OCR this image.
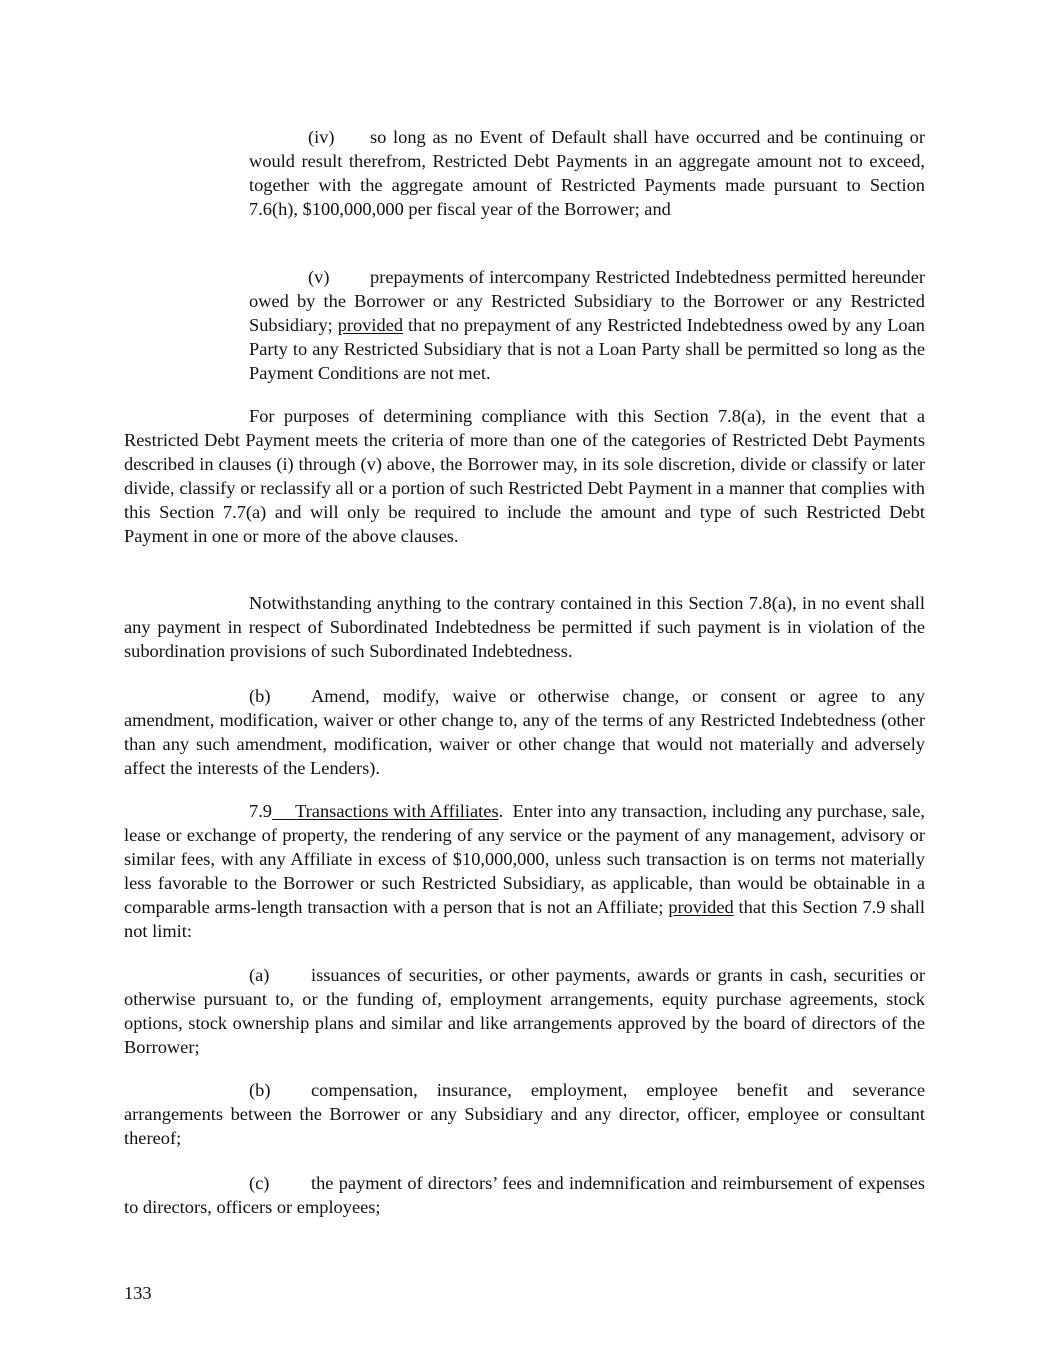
(iv) so long as no Event of Default shall have occurred and be continuing or would result therefrom, Restricted Debt Payments in an aggregate amount not to exceed, together with the aggregate amount of Restricted Payments made pursuant to Section 7.6(h), $100,000,000 per fiscal year of the Borrower; and

(v) prepayments of intercompany Restricted Indebtedness permitted hereunder owed by the Borrower or any Restricted Subsidiary to the Borrower or any Restricted Subsidiary; provided that no prepayment of any Restricted Indebtedness owed by any Loan Party to any Restricted Subsidiary that is not a Loan Party shall be permitted so long as the Payment Conditions are not met.

For purposes of determining compliance with this Section 7.8(a), in the event that a Restricted Debt Payment meets the criteria of more than one of the categories of Restricted Debt Payments described in clauses (i) through (v) above, the Borrower may, in its sole discretion, divide or classify or later divide, classify or reclassify all or a portion of such Restricted Debt Payment in a manner that complies with this Section 7.7(a) and will only be required to include the amount and type of such Restricted Debt Payment in one or more of the above clauses.

Notwithstanding anything to the contrary contained in this Section 7.8(a), in no event shall any payment in respect of Subordinated Indebtedness be permitted if such payment is in violation of the subordination provisions of such Subordinated Indebtedness.

(b) Amend, modify, waive or otherwise change, or consent or agree to any amendment, modification, waiver or other change to, any of the terms of any Restricted Indebtedness (other than any such amendment, modification, waiver or other change that would not materially and adversely affect the interests of the Lenders).

7.9  Transactions with Affiliates. Enter into any transaction, including any purchase, sale, lease or exchange of property, the rendering of any service or the payment of any management, advisory or similar fees, with any Affiliate in excess of $10,000,000, unless such transaction is on terms not materially less favorable to the Borrower or such Restricted Subsidiary, as applicable, than would be obtainable in a comparable arms-length transaction with a person that is not an Affiliate; provided that this Section 7.9 shall not limit:

(a) issuances of securities, or other payments, awards or grants in cash, securities or otherwise pursuant to, or the funding of, employment arrangements, equity purchase agreements, stock options, stock ownership plans and similar and like arrangements approved by the board of directors of the Borrower;

(b) compensation, insurance, employment, employee benefit and severance arrangements between the Borrower or any Subsidiary and any director, officer, employee or consultant thereof;

(c) the payment of directors’ fees and indemnification and reimbursement of expenses to directors, officers or employees;

133
